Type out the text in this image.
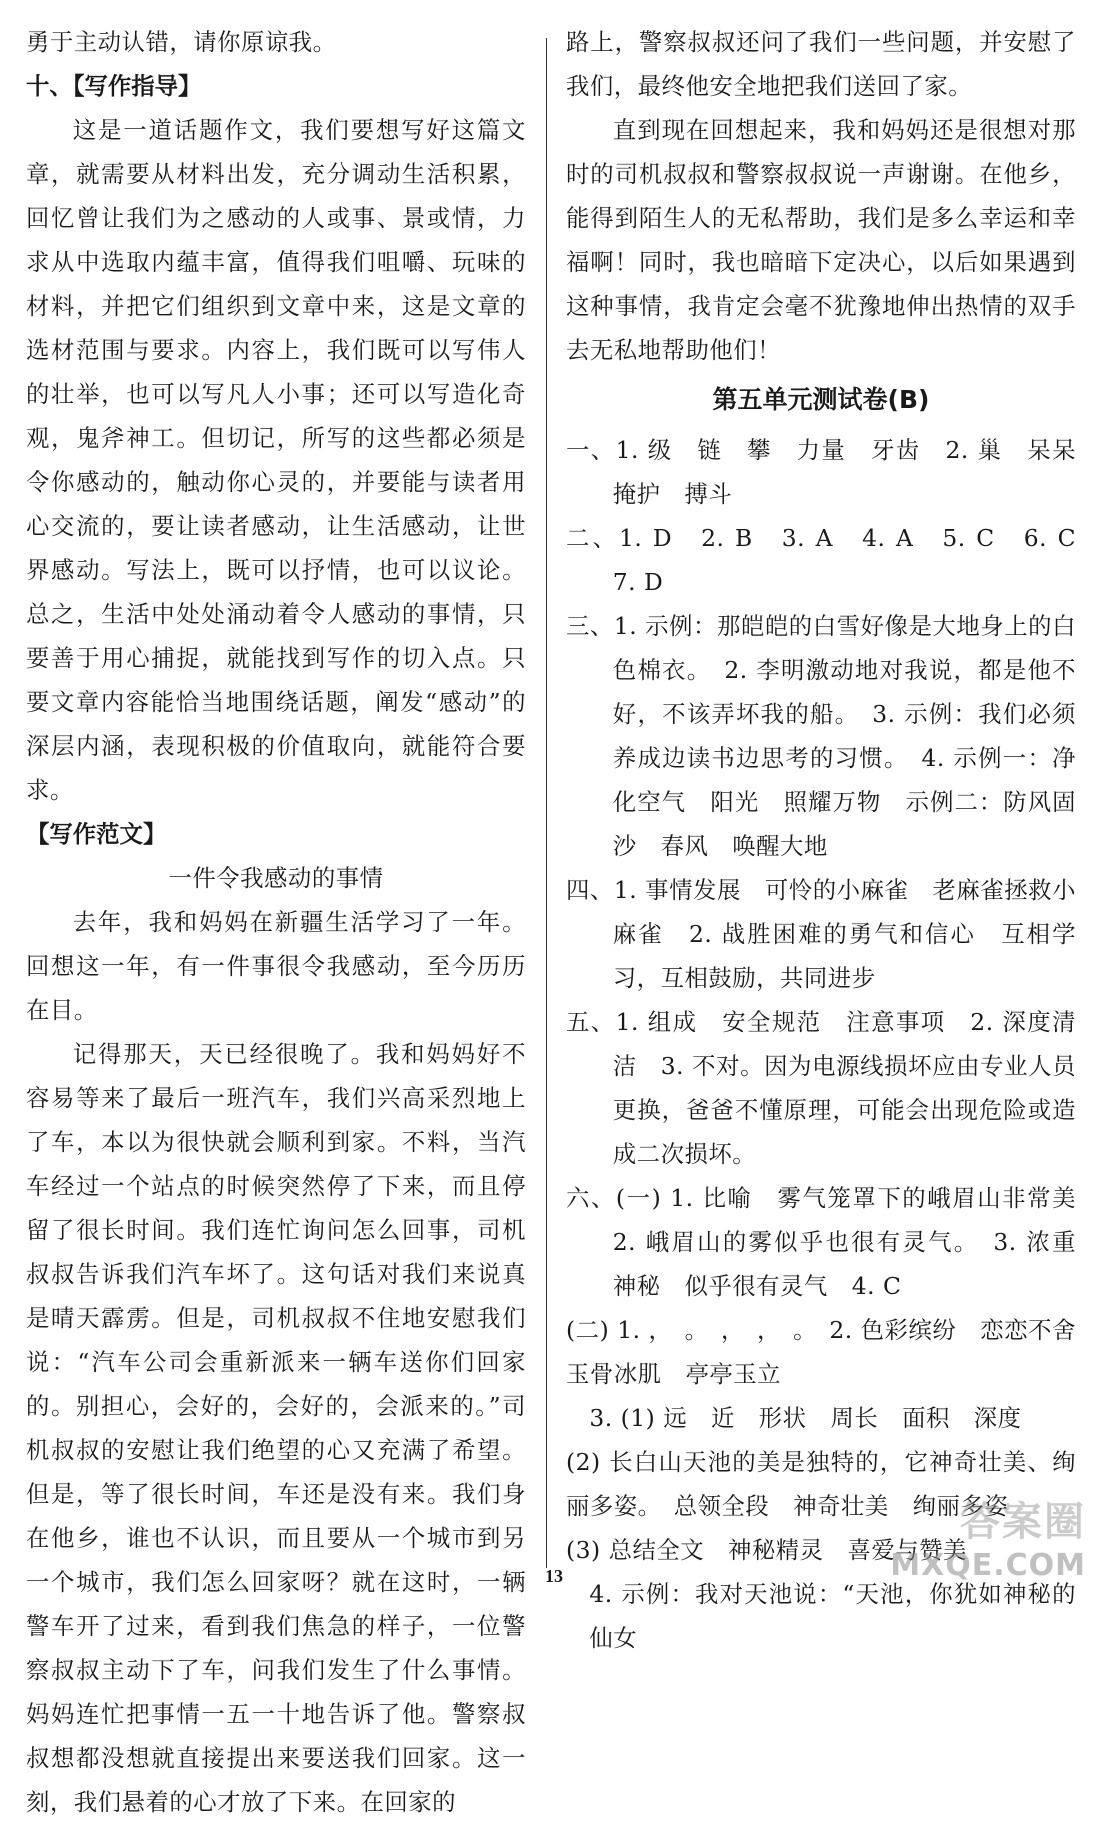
勇于主动认错，请你原谅我。

十、【写作指导】

这是一道话题作文，我们要想写好这篇文章，就需要从材料出发，充分调动生活积累，回忆曾让我们为之感动的人或事、景或情，力求从中选取内蕴丰富，值得我们咀嚼、玩味的材料，并把它们组织到文章中来，这是文章的选材范围与要求。内容上，我们既可以写伟人的壮举，也可以写凡人小事；还可以写造化奇观，鬼斧神工。但切记，所写的这些都必须是令你感动的，触动你心灵的，并要能与读者用心交流的，要让读者感动，让生活感动，让世界感动。写法上，既可以抒情，也可以议论。总之，生活中处处涌动着令人感动的事情，只要善于用心捕捉，就能找到写作的切入点。只要文章内容能恰当地围绕话题，阐发“感动”的深层内涵，表现积极的价值取向，就能符合要求。

【写作范文】

一件令我感动的事情

去年，我和妈妈在新疆生活学习了一年。回想这一年，有一件事很令我感动，至今历历在目。

记得那天，天已经很晚了。我和妈妈好不容易等来了最后一班汽车，我们兴高采烈地上了车，本以为很快就会顺利到家。不料，当汽车经过一个站点的时候突然停了下来，而且停留了很长时间。我们连忙询问怎么回事，司机叔叔告诉我们汽车坏了。这句话对我们来说真是晴天霹雳。但是，司机叔叔不住地安慰我们说：“汽车公司会重新派来一辆车送你们回家的。别担心，会好的，会好的，会派来的。”司机叔叔的安慰让我们绝望的心又充满了希望。但是，等了很长时间，车还是没有来。我们身在他乡，谁也不认识，而且要从一个城市到另一个城市，我们怎么回家呀？就在这时，一辆警车开了过来，看到我们焦急的样子，一位警察叔叔主动下了车，问我们发生了什么事情。妈妈连忙把事情一五一十地告诉了他。警察叔叔想都没想就直接提出来要送我们回家。这一刻，我们悬着的心才放了下来。在回家的

路上，警察叔叔还问了我们一些问题，并安慰了我们，最终他安全地把我们送回了家。

直到现在回想起来，我和妈妈还是很想对那时的司机叔叔和警察叔叔说一声谢谢。在他乡，能得到陌生人的无私帮助，我们是多么幸运和幸福啊！同时，我也暗暗下定决心，以后如果遇到这种事情，我肯定会毫不犹豫地伸出热情的双手去无私地帮助他们！

第五单元测试卷(B)

一、1. 级　链　攀　力量　牙齿　2. 巢　呆呆　掩护　搏斗

二、1. D　2. B　3. A　4. A　5. C　6. C　7. D

三、1. 示例：那皑皑的白雪好像是大地身上的白色棉衣。　2. 李明激动地对我说，都是他不好，不该弄坏我的船。　3. 示例：我们必须养成边读书边思考的习惯。　4. 示例一：净化空气　阳光　照耀万物　示例二：防风固沙　春风　唤醒大地

四、1. 事情发展　可怜的小麻雀　老麻雀拯救小麻雀　2. 战胜困难的勇气和信心　互相学习，互相鼓励，共同进步

五、1. 组成　安全规范　注意事项　2. 深度清洁　3. 不对。因为电源线损坏应由专业人员更换，爸爸不懂原理，可能会出现危险或造成二次损坏。

六、(一) 1. 比喻　雾气笼罩下的峨眉山非常美　2. 峨眉山的雾似乎也很有灵气。　3. 浓重　神秘　似乎很有灵气　4. C

(二) 1. ，　。　，　，　。　2. 色彩缤纷　恋恋不舍　玉骨冰肌　亭亭玉立

3. (1) 远　近　形状　周长　面积　深度

(2) 长白山天池的美是独特的，它神奇壮美、绚丽多姿。　总领全段　神奇壮美　绚丽多姿

(3) 总结全文　神秘精灵　喜爱与赞美

4. 示例：我对天池说：“天池，你犹如神秘的仙女

13
答案圈
MXQE.COM
